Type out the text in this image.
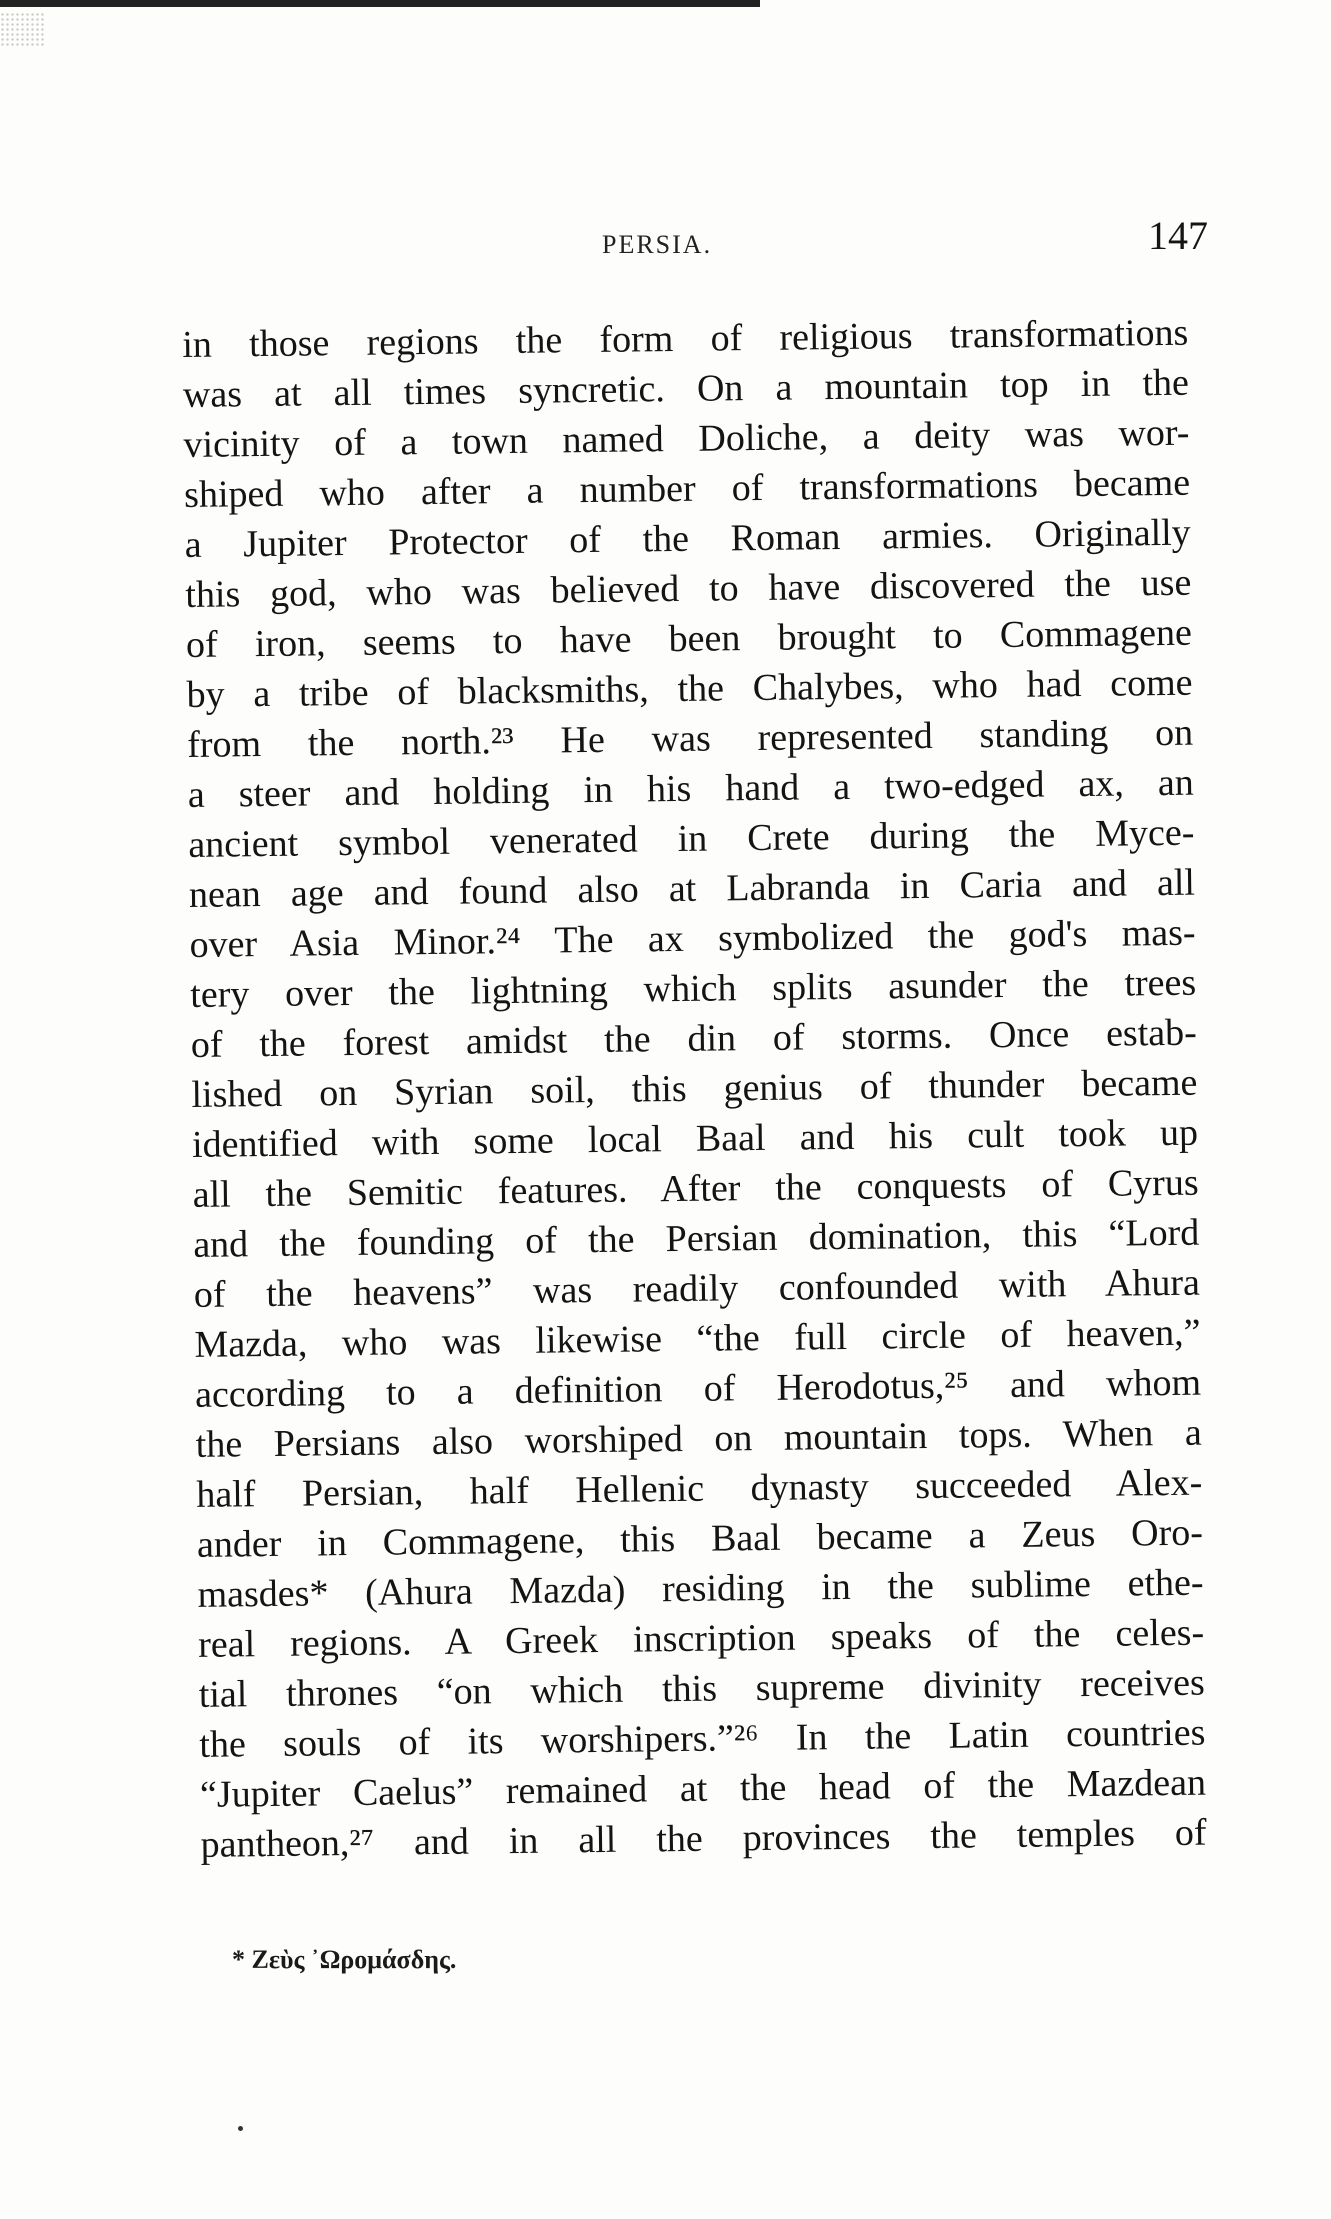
PERSIA.	147
in those regions the form of religious transformations
was at all times syncretic. On a mountain top in the
vicinity of a town named Doliche, a deity was wor-
shiped who after a number of transformations became
a Jupiter Protector of the Roman armies. Originally
this god, who was believed to have discovered the use
of iron, seems to have been brought to Commagene
by a tribe of blacksmiths, the Chalybes, who had come
from the north.²³ He was represented standing on
a steer and holding in his hand a two-edged ax, an
ancient symbol venerated in Crete during the Myce-
nean age and found also at Labranda in Caria and all
over Asia Minor.²⁴ The ax symbolized the god's mas-
tery over the lightning which splits asunder the trees
of the forest amidst the din of storms. Once estab-
lished on Syrian soil, this genius of thunder became
identified with some local Baal and his cult took up
all the Semitic features. After the conquests of Cyrus
and the founding of the Persian domination, this “Lord
of the heavens” was readily confounded with Ahura
Mazda, who was likewise “the full circle of heaven,”
according to a definition of Herodotus,²⁵ and whom
the Persians also worshiped on mountain tops. When a
half Persian, half Hellenic dynasty succeeded Alex-
ander in Commagene, this Baal became a Zeus Oro-
masdes* (Ahura Mazda) residing in the sublime ethe-
real regions. A Greek inscription speaks of the celes-
tial thrones “on which this supreme divinity receives
the souls of its worshipers.”²⁶ In the Latin countries
“Jupiter Caelus” remained at the head of the Mazdean
pantheon,²⁷ and in all the provinces the temples of
* Ζεὺς ᾿Ωρομάσδης.
